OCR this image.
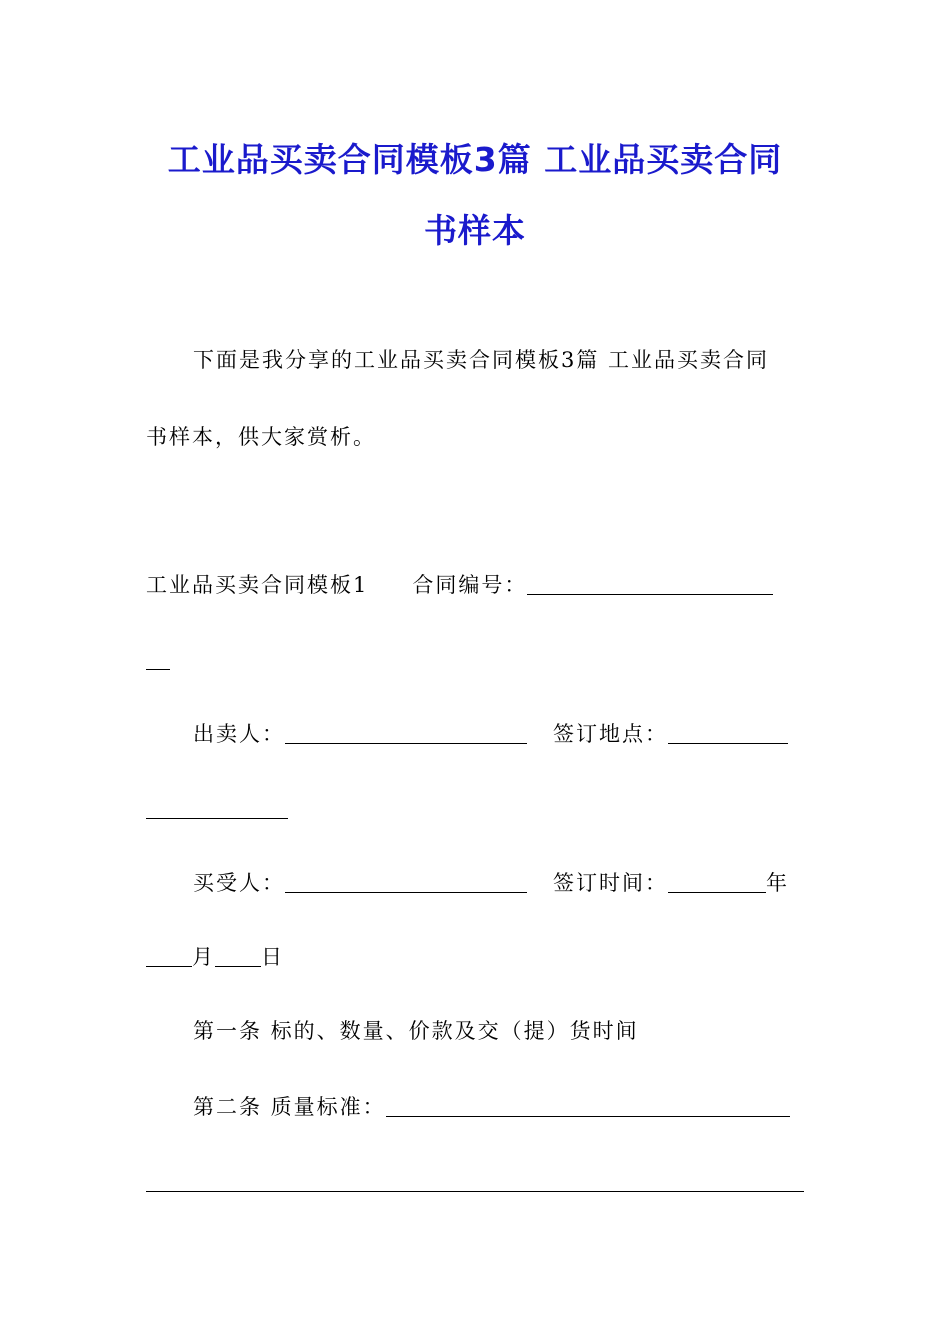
工业品买卖合同模板3篇 工业品买卖合同
书样本
下面是我分享的工业品买卖合同模板3篇 工业品买卖合同
书样本，供大家赏析。
工业品买卖合同模板1 合同编号：
出卖人：	签订地点：
买受人：	签订时间：	年
月 日
第一条 标的、数量、价款及交（提）货时间
第二条 质量标准：
